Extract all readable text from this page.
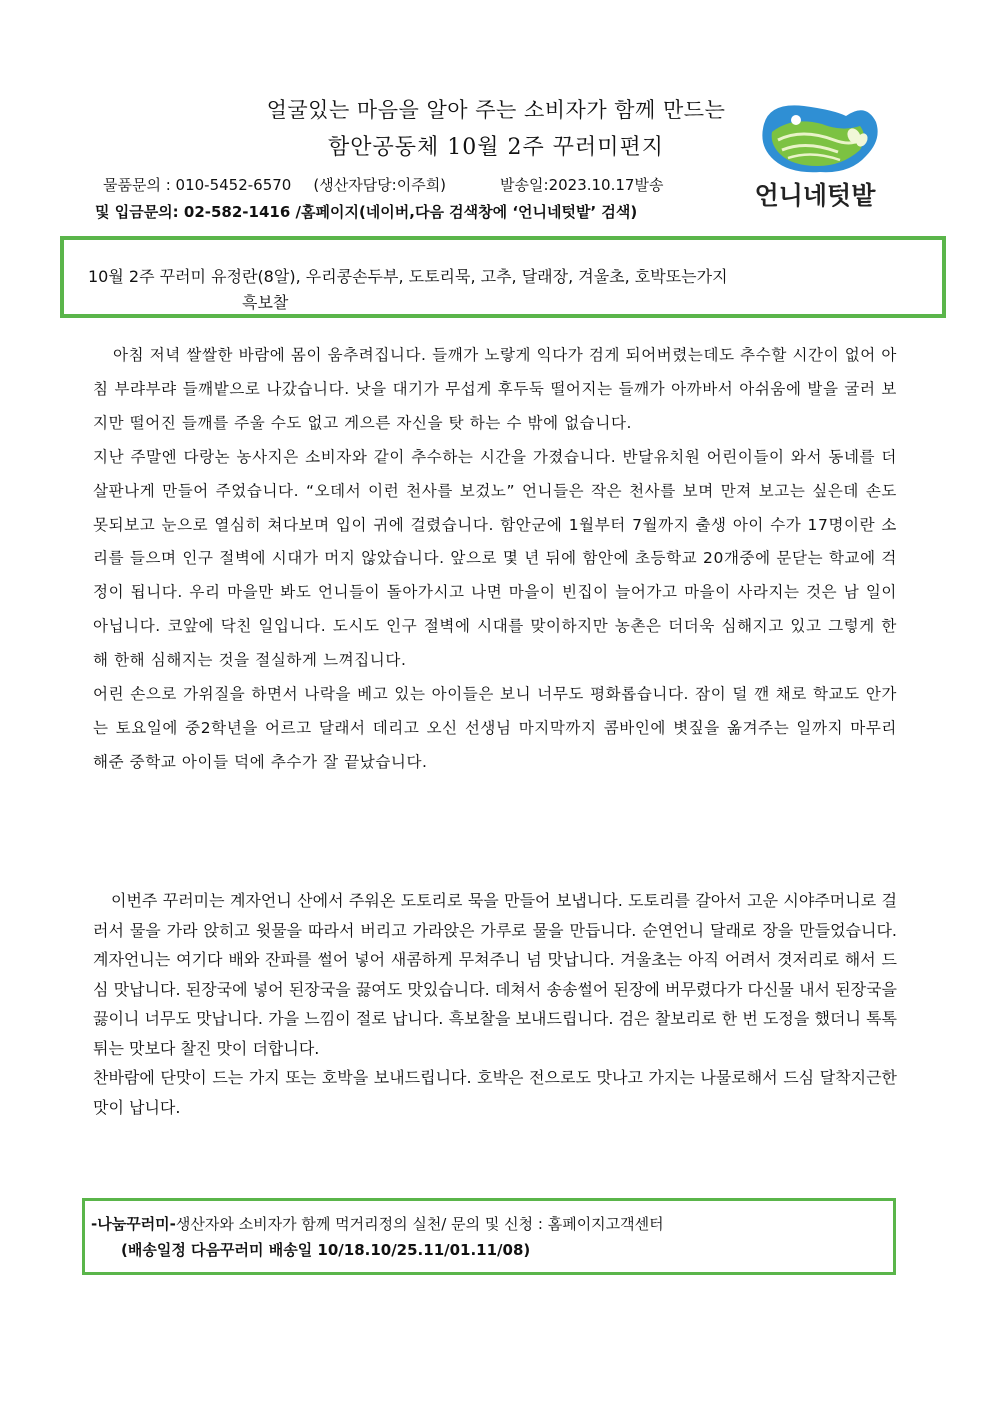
얼굴있는 마음을 알아 주는 소비자가 함께 만드는
함안공동체 10월 2주 꾸러미편지
물품문의 : 010-5452-6570 (생산자담당:이주희)	발송일:2023.10.17발송
및 입금문의: 02-582-1416 /홈페이지(네이버,다음 검색창에 ‘언니네텃밭’ 검색)
언니네텃밭
10월 2주 꾸러미 유정란(8알), 우리콩손두부, 도토리묵, 고추, 달래장, 겨울초, 호박또는가지
흑보찰

아침 저녁 쌀쌀한 바람에 몸이 움추려집니다. 들깨가 노랗게 익다가 검게 되어버렸는데도 추수할 시간이 없어 아침 부랴부랴 들깨밭으로 나갔습니다. 낫을 대기가 무섭게 후두둑 떨어지는 들깨가 아까바서 아쉬움에 발을 굴러 보지만 떨어진 들깨를 주울 수도 없고 게으른 자신을 탓 하는 수 밖에 없습니다.

지난 주말엔 다랑논 농사지은 소비자와 같이 추수하는 시간을 가졌습니다. 반달유치원 어린이들이 와서 동네를 더 살판나게 만들어 주었습니다. “오데서 이런 천사를 보겄노” 언니들은 작은 천사를 보며 만져 보고는 싶은데 손도 못되보고 눈으로 열심히 쳐다보며 입이 귀에 걸렸습니다. 함안군에 1월부터 7월까지 출생 아이 수가 17명이란 소리를 들으며 인구 절벽에 시대가 머지 않았습니다. 앞으로 몇 년 뒤에 함안에 초등학교 20개중에 문닫는 학교에 걱정이 됩니다. 우리 마을만 봐도 언니들이 돌아가시고 나면 마을이 빈집이 늘어가고 마을이 사라지는 것은 남 일이 아닙니다. 코앞에 닥친 일입니다. 도시도 인구 절벽에 시대를 맞이하지만 농촌은 더더욱 심해지고 있고 그렇게 한해 한해 심해지는 것을 절실하게 느껴집니다.

어린 손으로 가위질을 하면서 나락을 베고 있는 아이들은 보니 너무도 평화롭습니다. 잠이 덜 깬 채로 학교도 안가는 토요일에 중2학년을 어르고 달래서 데리고 오신 선생님 마지막까지 콤바인에 볏짚을 옮겨주는 일까지 마무리 해준 중학교 아이들 덕에 추수가 잘 끝났습니다.

이번주 꾸러미는 계자언니 산에서 주워온 도토리로 묵을 만들어 보냅니다. 도토리를 갈아서 고운 시야주머니로 걸러서 물을 가라 앉히고 윗물을 따라서 버리고 가라앉은 가루로 물을 만듭니다. 순연언니 달래로 장을 만들었습니다. 계자언니는 여기다 배와 잔파를 썰어 넣어 새콤하게 무쳐주니 넘 맛납니다. 겨울초는 아직 어려서 겻저리로 해서 드심 맛납니다. 된장국에 넣어 된장국을 끓여도 맛있습니다. 데쳐서 송송썰어 된장에 버무렸다가 다신물 내서 된장국을 끓이니 너무도 맛납니다. 가을 느낌이 절로 납니다. 흑보찰을 보내드립니다. 검은 찰보리로 한 번 도정을 했더니 톡톡튀는 맛보다 찰진 맛이 더합니다.

찬바람에 단맛이 드는 가지 또는 호박을 보내드립니다. 호박은 전으로도 맛나고 가지는 나물로해서 드심 달착지근한 맛이 납니다.

-나눔꾸러미-생산자와 소비자가 함께 먹거리정의 실천/ 문의 및 신청 : 홈페이지고객센터
(배송일정 다음꾸러미 배송일 10/18.10/25.11/01.11/08)
